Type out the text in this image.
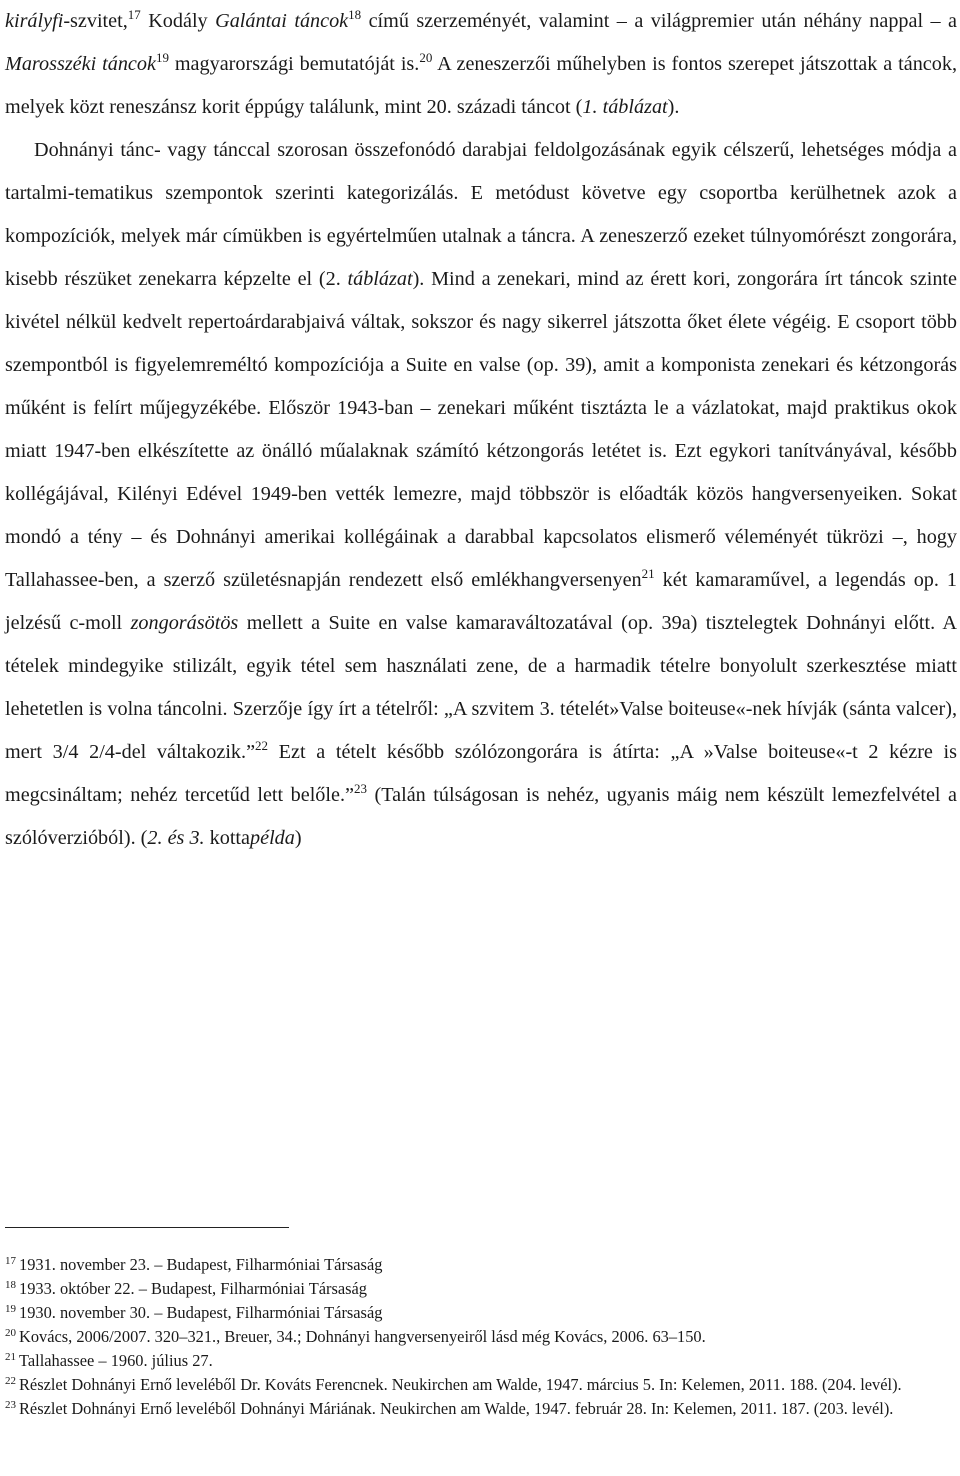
királyfi-szvitet,$^{17}$ Kodály Galántai táncok$^{18}$ című szerzeményét, valamint – a világpremier után néhány nappal – a Marosszéki táncok$^{19}$ magyarországi bemutatóját is.$^{20}$ A zeneszerzői műhelyben is fontos szerepet játszottak a táncok, melyek közt reneszánsz korit éppúgy találunk, mint 20. századi táncot (1. táblázat).

Dohnányi tánc- vagy tánccal szorosan összefonódó darabjai feldolgozásának egyik célszerű, lehetséges módja a tartalmi-tematikus szempontok szerinti kategorizálás. E metódust követve egy csoportba kerülhetnek azok a kompozíciók, melyek már címükben is egyértelműen utalnak a táncra. A zeneszerző ezeket túlnyomórészt zongorára, kisebb részüket zenekarra képzelte el (2. táblázat). Mind a zenekari, mind az érett kori, zongorára írt táncok szinte kivétel nélkül kedvelt repertoárdarabjaivá váltak, sokszor és nagy sikerrel játszotta őket élete végéig. E csoport több szempontból is figyelemreméltó kompozíciója a Suite en valse (op. 39), amit a komponista zenekari és kétzongorás műként is felírt műjegyzékébe. Először 1943-ban – zenekari műként tisztázta le a vázlatokat, majd praktikus okok miatt 1947-ben elkészítette az önálló műalaknak számító kétzongorás letétet is. Ezt egykori tanítványával, később kollégájával, Kilényi Edével 1949-ben vették lemezre, majd többször is előadták közös hangversenyeiken. Sokat mondó a tény – és Dohnányi amerikai kollégáinak a darabbal kapcsolatos elismerő véleményét tükrözi –, hogy Tallahassee-ben, a szerző születésnapján rendezett első emlékhangversenyen$^{21}$ két kamaraművel, a legendás op. 1 jelzésű c-moll zongorásötös mellett a Suite en valse kamaraváltozatával (op. 39a) tisztelegtek Dohnányi előtt. A tételek mindegyike stilizált, egyik tétel sem használati zene, de a harmadik tételre bonyolult szerkesztése miatt lehetetlen is volna táncolni. Szerzője így írt a tételről: „A szvitem 3. tételét»Valse boiteuse«-nek hívják (sánta valcer), mert 3/4 2/4-del váltakozik.”$^{22}$ Ezt a tételt később szólózongorára is átírta: „A »Valse boiteuse«-t 2 kézre is megcsináltam; nehéz tercetűd lett belőle.”$^{23}$ (Talán túlságosan is nehéz, ugyanis máig nem készült lemezfelvétel a szólóverzióból). (2. és 3. kottapélda)

$^{17}$ 1931. november 23. – Budapest, Filharmóniai Társaság

$^{18}$ 1933. október 22. – Budapest, Filharmóniai Társaság

$^{19}$ 1930. november 30. – Budapest, Filharmóniai Társaság

$^{20}$ Kovács, 2006/2007. 320–321., Breuer, 34.; Dohnányi hangversenyeiről lásd még Kovács, 2006. 63–150.

$^{21}$ Tallahassee – 1960. július 27.

$^{22}$ Részlet Dohnányi Ernő leveléből Dr. Kováts Ferencnek. Neukirchen am Walde, 1947. március 5. In: Kelemen, 2011. 188. (204. levél).

$^{23}$ Részlet Dohnányi Ernő leveléből Dohnányi Máriának. Neukirchen am Walde, 1947. február 28. In: Kelemen, 2011. 187. (203. levél).
